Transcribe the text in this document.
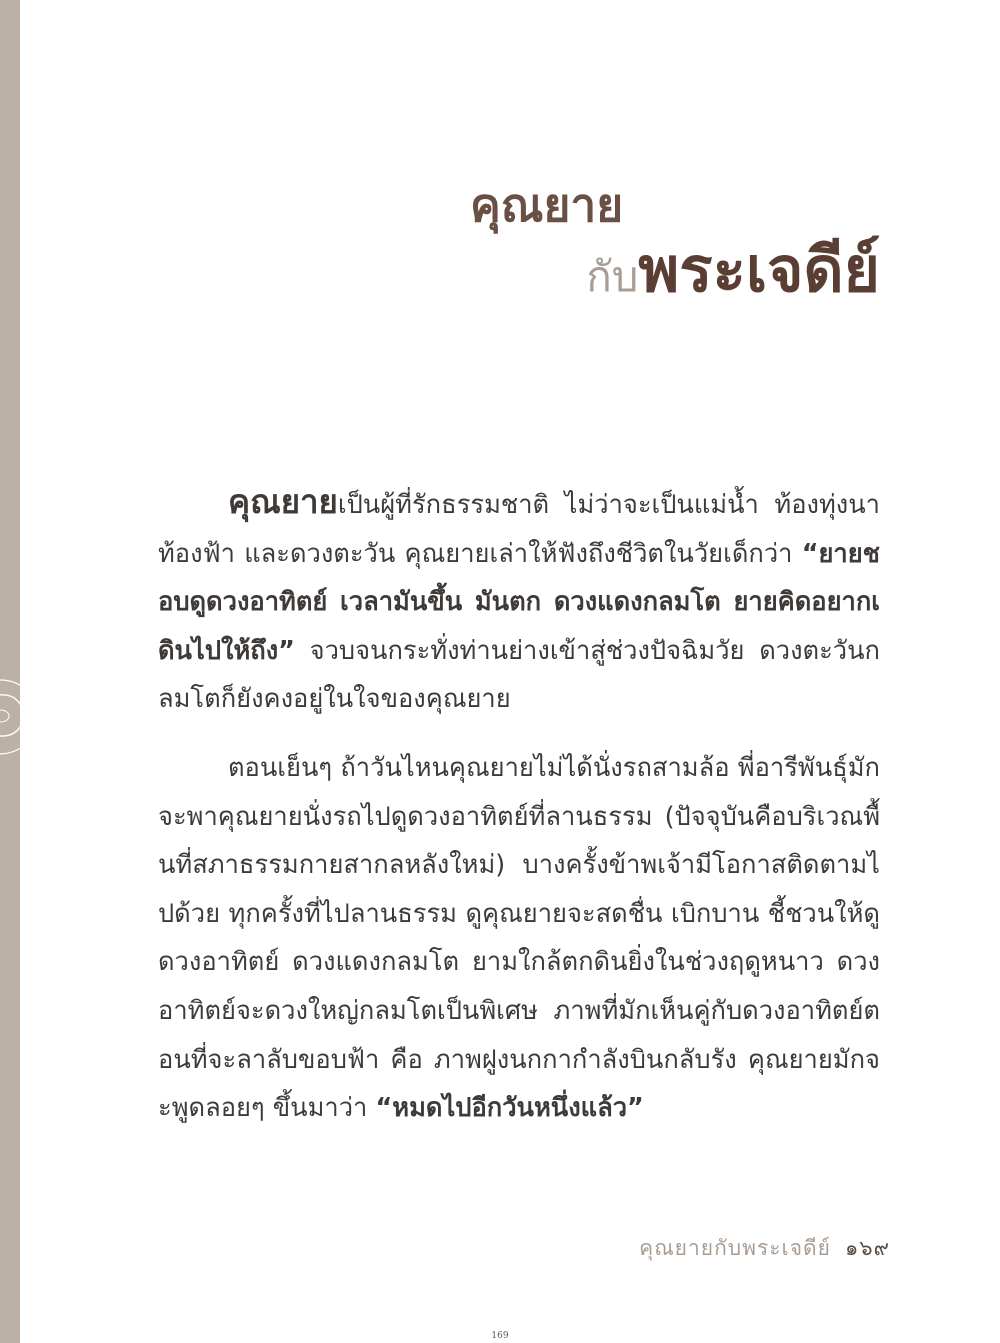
คุณยาย
กับพระเจดีย์

คุณยายเป็นผู้ที่รักธรรมชาติ ไม่ว่าจะเป็นแม่น้ำ ท้องทุ่งนา ท้องฟ้า และดวงตะวัน คุณยายเล่าให้ฟังถึงชีวิตในวัยเด็กว่า “ยายชอบดูดวงอาทิตย์ เวลามันขึ้น มันตก ดวงแดงกลมโต ยายคิดอยากเดินไปให้ถึง” จวบจนกระทั่งท่านย่างเข้าสู่ช่วงปัจฉิมวัย ดวงตะวันกลมโตก็ยังคงอยู่ในใจของคุณยาย

ตอนเย็นๆ ถ้าวันไหนคุณยายไม่ได้นั่งรถสามล้อ พี่อารีพันธุ์มักจะพาคุณยายนั่งรถไปดูดวงอาทิตย์ที่ลานธรรม (ปัจจุบันคือบริเวณพื้นที่สภาธรรมกายสากลหลังใหม่) บางครั้งข้าพเจ้ามีโอกาสติดตามไปด้วย ทุกครั้งที่ไปลานธรรม ดูคุณยายจะสดชื่น เบิกบาน ชี้ชวนให้ดูดวงอาทิตย์ ดวงแดงกลมโต ยามใกล้ตกดินยิ่งในช่วงฤดูหนาว ดวงอาทิตย์จะดวงใหญ่กลมโตเป็นพิเศษ ภาพที่มักเห็นคู่กับดวงอาทิตย์ตอนที่จะลาลับขอบฟ้า คือ ภาพฝูงนกกากำลังบินกลับรัง คุณยายมักจะพูดลอยๆ ขึ้นมาว่า “หมดไปอีกวันหนึ่งแล้ว”

คุณยายกับพระเจดีย์ ๑๖๙
169
